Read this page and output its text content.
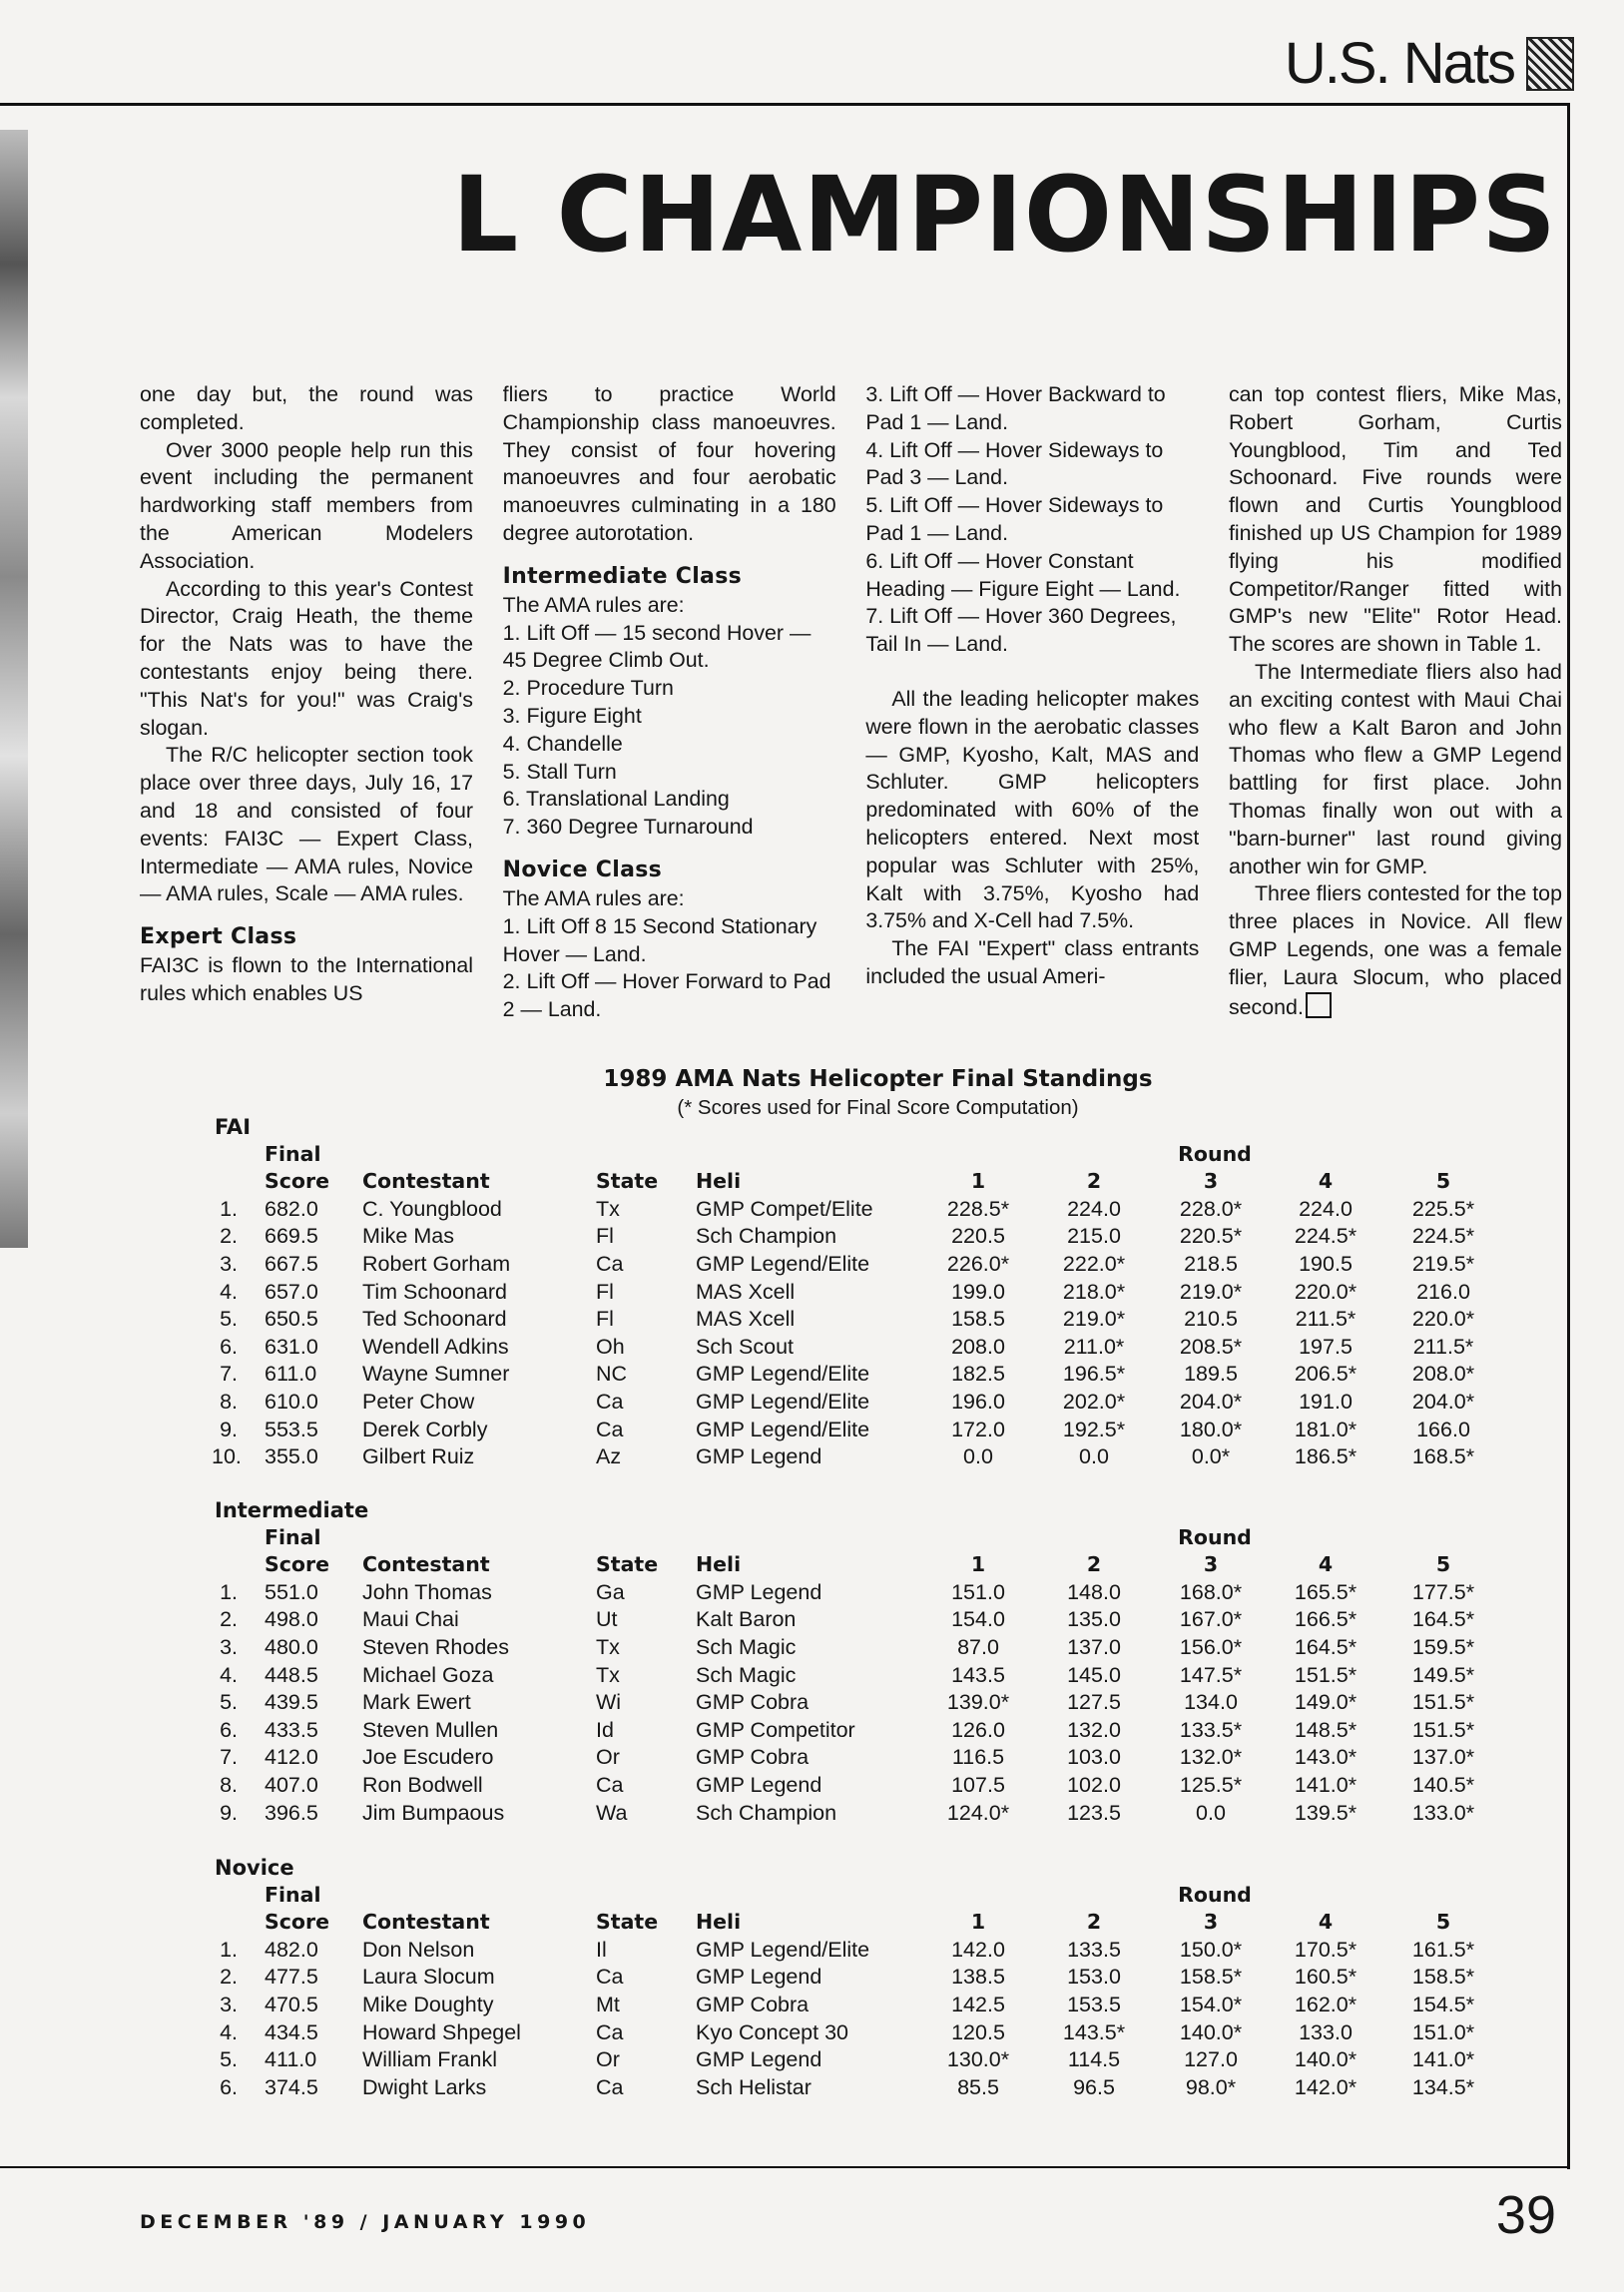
U.S. Nats
L CHAMPIONSHIPS

one day but, the round was completed.

Over 3000 people help run this event including the permanent hardworking staff members from the American Modelers Association.

According to this year's Contest Director, Craig Heath, the theme for the Nats was to have the contestants enjoy being there. "This Nat's for you!" was Craig's slogan.

The R/C helicopter section took place over three days, July 16, 17 and 18 and consisted of four events: FAI3C — Expert Class, Intermediate — AMA rules, Novice — AMA rules, Scale — AMA rules.

Expert Class

FAI3C is flown to the International rules which enables US

fliers to practice World Championship class manoeuvres. They consist of four hovering manoeuvres and four aerobatic manoeuvres culminating in a 180 degree autorotation.

Intermediate Class

The AMA rules are:

1. Lift Off — 15 second Hover — 45 Degree Climb Out.

2. Procedure Turn

3. Figure Eight

4. Chandelle

5. Stall Turn

6. Translational Landing

7. 360 Degree Turnaround

Novice Class

The AMA rules are:

1. Lift Off 8 15 Second Stationary Hover — Land.

2. Lift Off — Hover Forward to Pad 2 — Land.

3. Lift Off — Hover Backward to Pad 1 — Land.

4. Lift Off — Hover Sideways to Pad 3 — Land.

5. Lift Off — Hover Sideways to Pad 1 — Land.

6. Lift Off — Hover Constant Heading — Figure Eight — Land.

7. Lift Off — Hover 360 Degrees, Tail In — Land.

All the leading helicopter makes were flown in the aerobatic classes — GMP, Kyosho, Kalt, MAS and Schluter. GMP helicopters predominated with 60% of the helicopters entered. Next most popular was Schluter with 25%, Kalt with 3.75%, Kyosho had 3.75% and X-Cell had 7.5%.

The FAI "Expert" class entrants included the usual Ameri-

can top contest fliers, Mike Mas, Robert Gorham, Curtis Youngblood, Tim and Ted Schoonard. Five rounds were flown and Curtis Youngblood finished up US Champion for 1989 flying his modified Competitor/Ranger fitted with GMP's new "Elite" Rotor Head. The scores are shown in Table 1.

The Intermediate fliers also had an exciting contest with Maui Chai who flew a Kalt Baron and John Thomas who flew a GMP Legend battling for first place. John Thomas finally won out with a "barn-burner" last round giving another win for GMP.

Three fliers contested for the top three places in Novice. All flew GMP Legends, one was a female flier, Laura Slocum, who placed second.

1989 AMA Nats Helicopter Final Standings
(* Scores used for Final Score Computation)
FAI
Final	Round
Score Contestant	State Heli	1	2	3	4	5
1. 682.0 C. Youngblood	Tx	GMP Compet/Elite	228.5*	224.0	228.0*	224.0	225.5*
2. 669.5 Mike Mas	Fl	Sch Champion	220.5	215.0	220.5*	224.5*	224.5*
3. 667.5 Robert Gorham	Ca	GMP Legend/Elite	226.0*	222.0*	218.5	190.5	219.5*
4. 657.0 Tim Schoonard	Fl	MAS Xcell	199.0	218.0*	219.0*	220.0*	216.0
5. 650.5 Ted Schoonard	Fl	MAS Xcell	158.5	219.0*	210.5	211.5*	220.0*
6. 631.0 Wendell Adkins	Oh	Sch Scout	208.0	211.0*	208.5*	197.5	211.5*
7. 611.0 Wayne Sumner	NC	GMP Legend/Elite	182.5	196.5*	189.5	206.5*	208.0*
8. 610.0 Peter Chow	Ca	GMP Legend/Elite	196.0	202.0*	204.0*	191.0	204.0*
9. 553.5 Derek Corbly	Ca	GMP Legend/Elite	172.0	192.5*	180.0*	181.0*	166.0
10. 355.0 Gilbert Ruiz	Az	GMP Legend	0.0	0.0	0.0*	186.5*	168.5*
Intermediate
Final	Round
Score Contestant	State Heli	1	2	3	4	5
1. 551.0 John Thomas	Ga	GMP Legend	151.0	148.0	168.0*	165.5*	177.5*
2. 498.0 Maui Chai	Ut	Kalt Baron	154.0	135.0	167.0*	166.5*	164.5*
3. 480.0 Steven Rhodes	Tx	Sch Magic	87.0	137.0	156.0*	164.5*	159.5*
4. 448.5 Michael Goza	Tx	Sch Magic	143.5	145.0	147.5*	151.5*	149.5*
5. 439.5 Mark Ewert	Wi	GMP Cobra	139.0*	127.5	134.0	149.0*	151.5*
6. 433.5 Steven Mullen	Id	GMP Competitor	126.0	132.0	133.5*	148.5*	151.5*
7. 412.0 Joe Escudero	Or	GMP Cobra	116.5	103.0	132.0*	143.0*	137.0*
8. 407.0 Ron Bodwell	Ca	GMP Legend	107.5	102.0	125.5*	141.0*	140.5*
9. 396.5 Jim Bumpaous	Wa	Sch Champion	124.0*	123.5	0.0	139.5*	133.0*
Novice
Final	Round
Score Contestant	State Heli	1	2	3	4	5
1. 482.0 Don Nelson	Il	GMP Legend/Elite	142.0	133.5	150.0*	170.5*	161.5*
2. 477.5 Laura Slocum	Ca	GMP Legend	138.5	153.0	158.5*	160.5*	158.5*
3. 470.5 Mike Doughty	Mt	GMP Cobra	142.5	153.5	154.0*	162.0*	154.5*
4. 434.5 Howard Shpegel	Ca	Kyo Concept 30	120.5	143.5*	140.0*	133.0	151.0*
5. 411.0 William Frankl	Or	GMP Legend	130.0*	114.5	127.0	140.0*	141.0*
6. 374.5 Dwight Larks	Ca	Sch Helistar	85.5	96.5	98.0*	142.0*	134.5*
DECEMBER '89 / JANUARY 1990	39
